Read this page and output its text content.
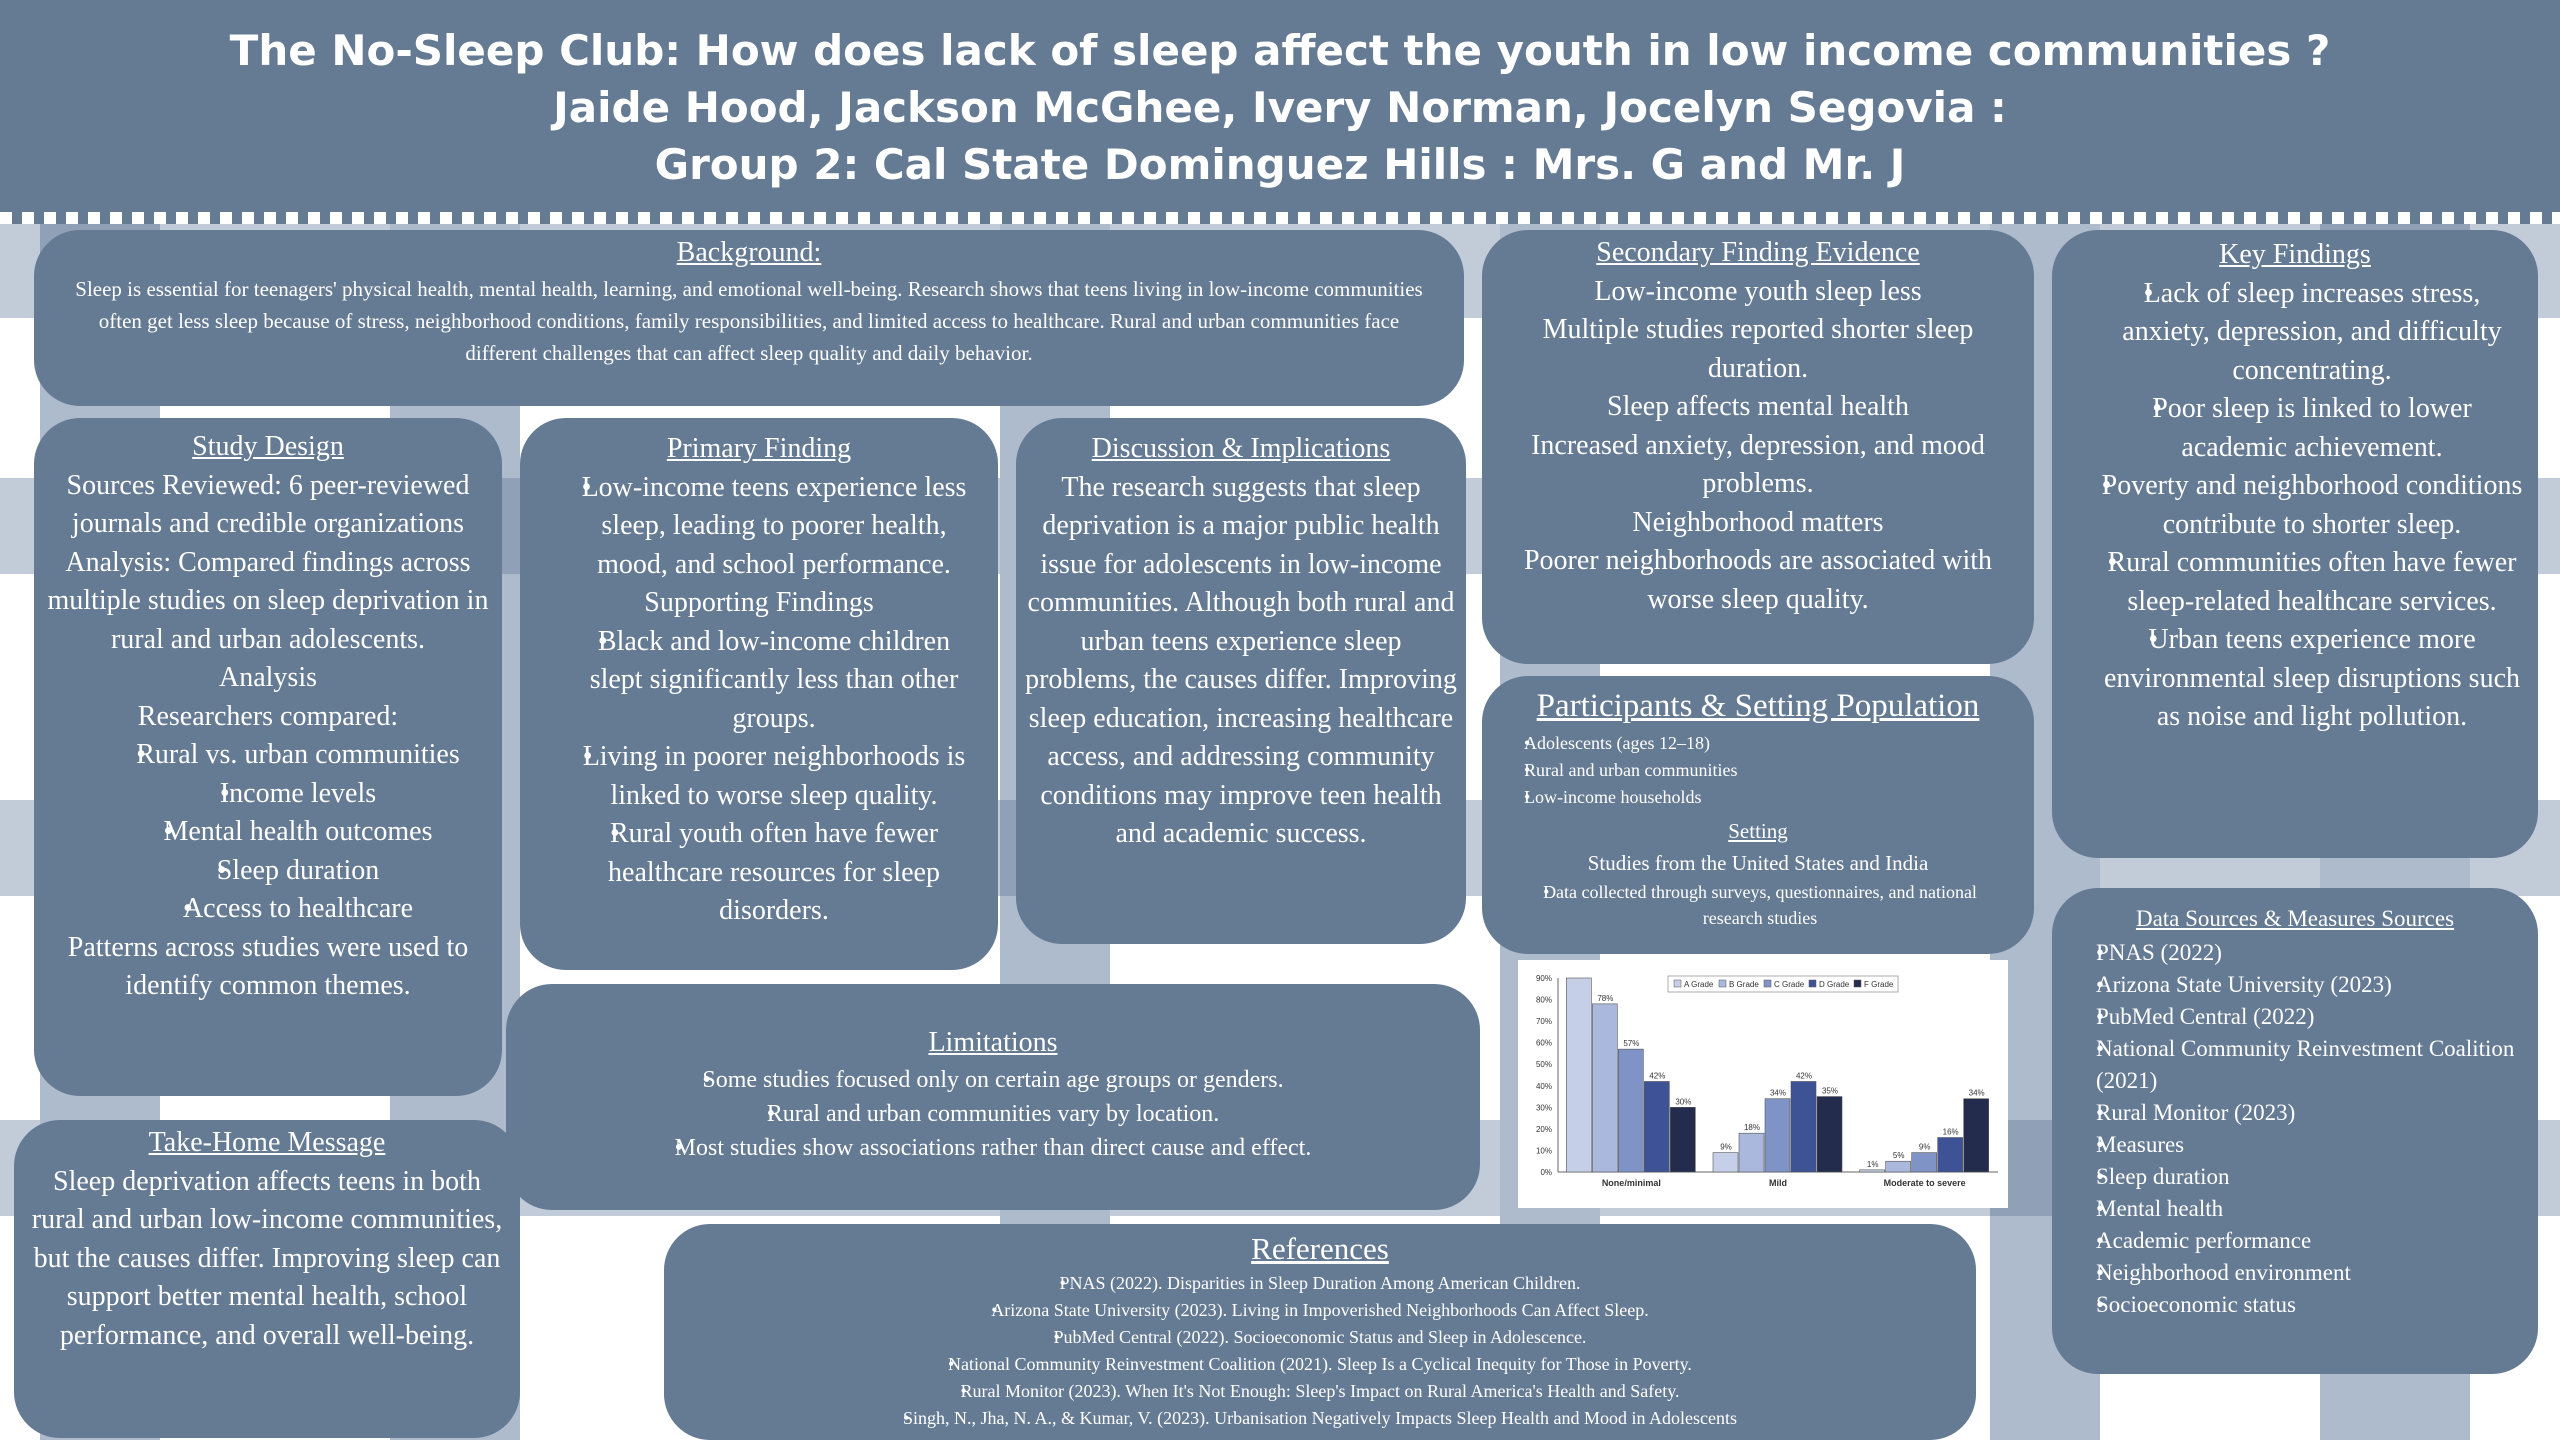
The No-Sleep Club: How does lack of sleep affect the youth in low income communities ?
Jaide Hood, Jackson McGhee, Ivery Norman, Jocelyn Segovia :
Group 2: Cal State Dominguez Hills : Mrs. G and Mr. J
Background:
Sleep is essential for teenagers' physical health, mental health, learning, and emotional well-being. Research shows that teens living in low-income communities often get less sleep because of stress, neighborhood conditions, family responsibilities, and limited access to healthcare. Rural and urban communities face different challenges that can affect sleep quality and daily behavior.
Study Design
Sources Reviewed: 6 peer-reviewed journals and credible organizations
Analysis: Compared findings across multiple studies on sleep deprivation in rural and urban adolescents.
Analysis
Researchers compared:
• Rural vs. urban communities
• Income levels
• Mental health outcomes
• Sleep duration
• Access to healthcare
Patterns across studies were used to identify common themes.
Primary Finding
• Low-income teens experience less sleep, leading to poorer health, mood, and school performance.
Supporting Findings
• Black and low-income children slept significantly less than other groups.
• Living in poorer neighborhoods is linked to worse sleep quality.
• Rural youth often have fewer healthcare resources for sleep disorders.
Discussion & Implications
The research suggests that sleep deprivation is a major public health issue for adolescents in low-income communities. Although both rural and urban teens experience sleep problems, the causes differ. Improving sleep education, increasing healthcare access, and addressing community conditions may improve teen health and academic success.
Secondary Finding Evidence
Low-income youth sleep less
Multiple studies reported shorter sleep duration.
Sleep affects mental health
Increased anxiety, depression, and mood problems.
Neighborhood matters
Poorer neighborhoods are associated with worse sleep quality.
Participants & Setting Population
• Adolescents (ages 12–18)
• Rural and urban communities
• Low-income households
Setting
Studies from the United States and India
• Data collected through surveys, questionnaires, and national research studies
Key Findings
• Lack of sleep increases stress, anxiety, depression, and difficulty concentrating.
• Poor sleep is linked to lower academic achievement.
• Poverty and neighborhood conditions contribute to shorter sleep.
• Rural communities often have fewer sleep-related healthcare services.
• Urban teens experience more environmental sleep disruptions such as noise and light pollution.
Data Sources & Measures Sources
• PNAS (2022)
• Arizona State University (2023)
• PubMed Central (2022)
• National Community Reinvestment Coalition (2021)
• Rural Monitor (2023)
• Measures
• Sleep duration
• Mental health
• Academic performance
• Neighborhood environment
• Socioeconomic status
Limitations
• Some studies focused only on certain age groups or genders.
• Rural and urban communities vary by location.
• Most studies show associations rather than direct cause and effect.
Take-Home Message
Sleep deprivation affects teens in both rural and urban low-income communities, but the causes differ. Improving sleep can support better mental health, school performance, and overall well-being.
References
• PNAS (2022). Disparities in Sleep Duration Among American Children.
• Arizona State University (2023). Living in Impoverished Neighborhoods Can Affect Sleep.
• PubMed Central (2022). Socioeconomic Status and Sleep in Adolescence.
• National Community Reinvestment Coalition (2021). Sleep Is a Cyclical Inequity for Those in Poverty.
• Rural Monitor (2023). When It's Not Enough: Sleep's Impact on Rural America's Health and Safety.
• Singh, N., Jha, N. A., & Kumar, V. (2023). Urbanisation Negatively Impacts Sleep Health and Mood in Adolescents
0%
10%
20%
30%
40%
50%
60%
70%
80%
90%
78%
57%
42%
30%
None/minimal
9%
18%
34%
42%
35%
Mild
1%
5%
9%
16%
34%
Moderate to severe
A Grade B Grade C Grade D Grade F Grade
